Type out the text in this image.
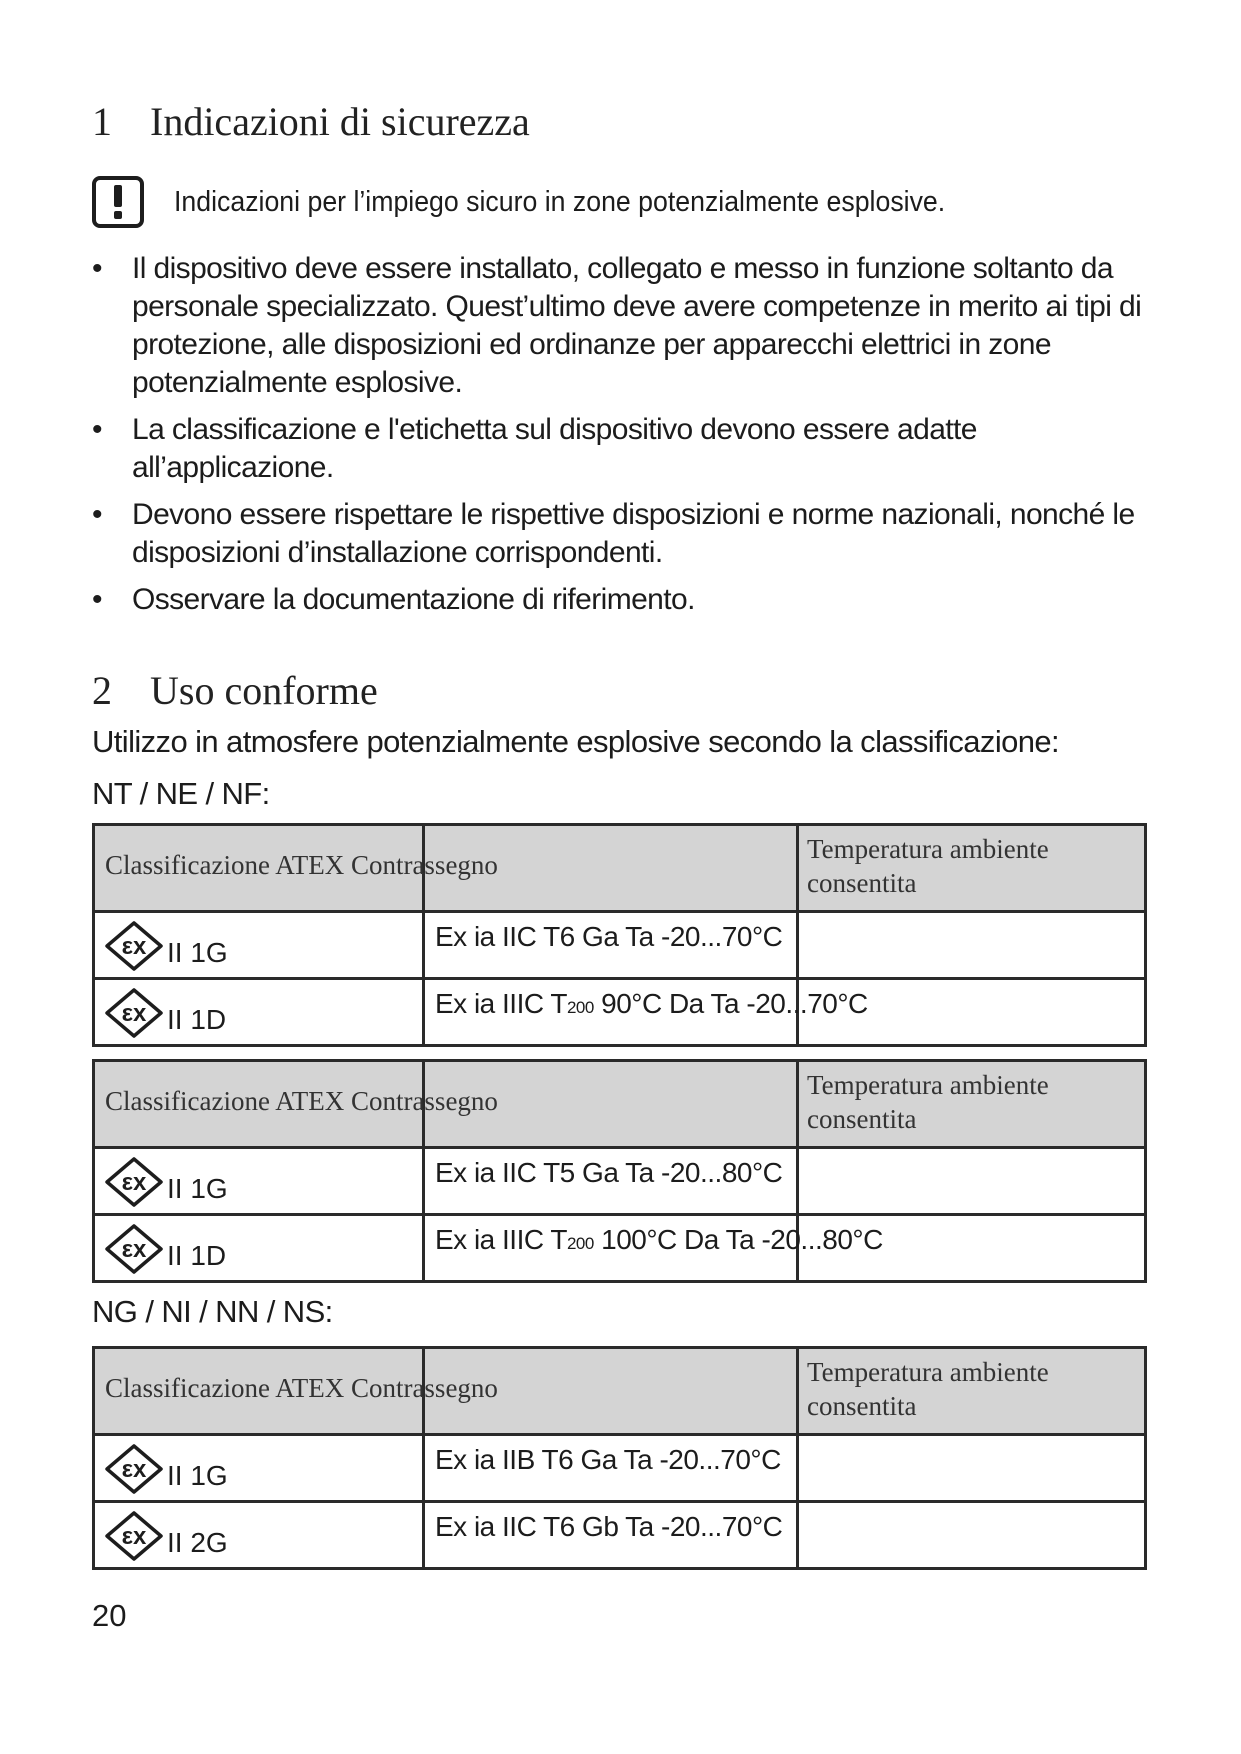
1 Indicazioni di sicurezza
Indicazioni per l’impiego sicuro in zone potenzialmente esplosive.
• Il dispositivo deve essere installato, collegato e messo in funzione soltanto da personale specializzato. Quest’ultimo deve avere competenze in merito ai tipi di protezione, alle disposizioni ed ordinanze per apparecchi elettrici in zone potenzialmente esplosive.
• La classificazione e l'etichetta sul dispositivo devono essere adatte all’applicazione.
• Devono essere rispettare le rispettive disposizioni e norme nazionali, nonché le disposizioni d’installazione corrispondenti.
• Osservare la documentazione di riferimento.
2 Uso conforme
Utilizzo in atmosfere potenzialmente esplosive secondo la classificazione:
NT / NE / NF:
Classificazione ATEX Contrassegno		Temperatura ambiente consentita

II 1G	Ex ia IIC T6 Ga Ta -20...70°C	

II 1D	Ex ia IIIC T200 90°C Da Ta -20...70°C	

Classificazione ATEX Contrassegno		Temperatura ambiente consentita

II 1G	Ex ia IIC T5 Ga Ta -20...80°C	

II 1D	Ex ia IIIC T200 100°C Da Ta -20...80°C	

NG / NI / NN / NS:
Classificazione ATEX Contrassegno		Temperatura ambiente consentita

II 1G	Ex ia IIB T6 Ga Ta -20...70°C	

II 2G	Ex ia IIC T6 Gb Ta -20...70°C	

20
